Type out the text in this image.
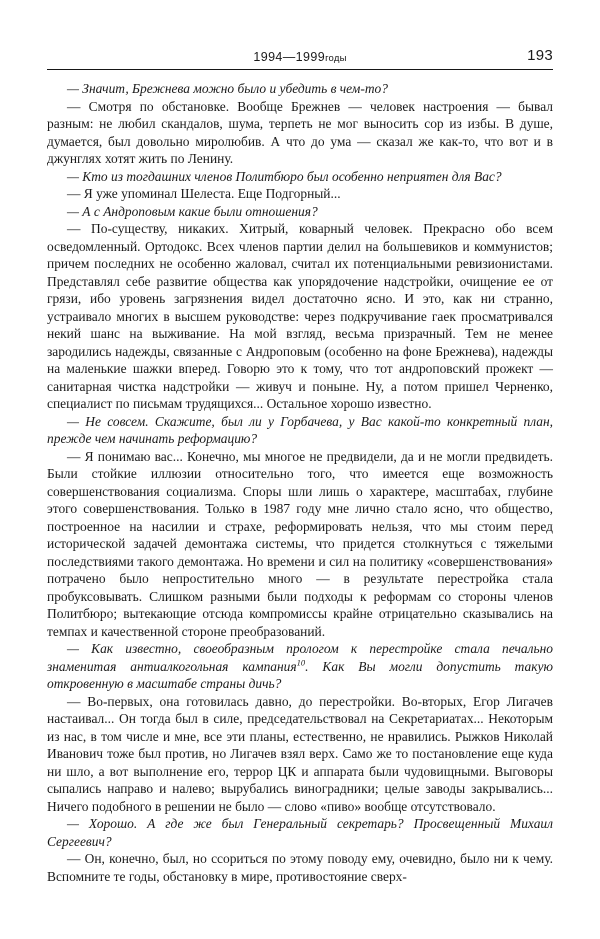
1994—1999годы	193

— Значит, Брежнева можно было и убедить в чем-то?

— Смотря по обстановке. Вообще Брежнев — человек настроения — бывал разным: не любил скандалов, шума, терпеть не мог выносить сор из избы. В душе, думается, был довольно миролюбив. А что до ума — сказал же как-то, что вот и в джунглях хотят жить по Ленину.

— Кто из тогдашних членов Политбюро был особенно неприятен для Вас?

— Я уже упоминал Шелеста. Еще Подгорный...

— А с Андроповым какие были отношения?

— По-существу, никаких. Хитрый, коварный человек. Прекрасно обо всем осведомленный. Ортодокс. Всех членов партии делил на большевиков и коммунистов; причем последних не особенно жаловал, считал их потенциальными ревизионистами. Представлял себе развитие общества как упорядочение надстройки, очищение ее от грязи, ибо уровень загрязнения видел достаточно ясно. И это, как ни странно, устраивало многих в высшем руководстве: через подкручивание гаек просматривался некий шанс на выживание. На мой взгляд, весьма призрачный. Тем не менее зародились надежды, связанные с Андроповым (особенно на фоне Брежнева), надежды на маленькие шажки вперед. Говорю это к тому, что тот андроповский прожект — санитарная чистка надстройки — живуч и поныне. Ну, а потом пришел Черненко, специалист по письмам трудящихся... Остальное хорошо известно.

— Не совсем. Скажите, был ли у Горбачева, у Вас какой-то конкретный план, прежде чем начинать реформацию?

— Я понимаю вас... Конечно, мы многое не предвидели, да и не могли предвидеть. Были стойкие иллюзии относительно того, что имеется еще возможность совершенствования социализма. Споры шли лишь о характере, масштабах, глубине этого совершенствования. Только в 1987 году мне лично стало ясно, что общество, построенное на насилии и страхе, реформировать нельзя, что мы стоим перед исторической задачей демонтажа системы, что придется столкнуться с тяжелыми последствиями такого демонтажа. Но времени и сил на политику «совершенствования» потрачено было непростительно много — в результате перестройка стала пробуксовывать. Слишком разными были подходы к реформам со стороны членов Политбюро; вытекающие отсюда компромиссы крайне отрицательно сказывались на темпах и качественной стороне преобразований.

— Как известно, своеобразным прологом к перестройке стала печально знаменитая антиалкогольная кампания$^{10}$. Как Вы могли допустить такую откровенную в масштабе страны дичь?

— Во-первых, она готовилась давно, до перестройки. Во-вторых, Егор Лигачев настаивал... Он тогда был в силе, председательствовал на Секретариатах... Некоторым из нас, в том числе и мне, все эти планы, естественно, не нравились. Рыжков Николай Иванович тоже был против, но Лигачев взял верх. Само же то постановление еще куда ни шло, а вот выполнение его, террор ЦК и аппарата были чудовищными. Выговоры сыпались направо и налево; вырубались виноградники; целые заводы закрывались... Ничего подобного в решении не было — слово «пиво» вообще отсутствовало.

— Хорошо. А где же был Генеральный секретарь? Просвещенный Михаил Сергеевич?

— Он, конечно, был, но ссориться по этому поводу ему, очевидно, было ни к чему. Вспомните те годы, обстановку в мире, противостояние сверх-
